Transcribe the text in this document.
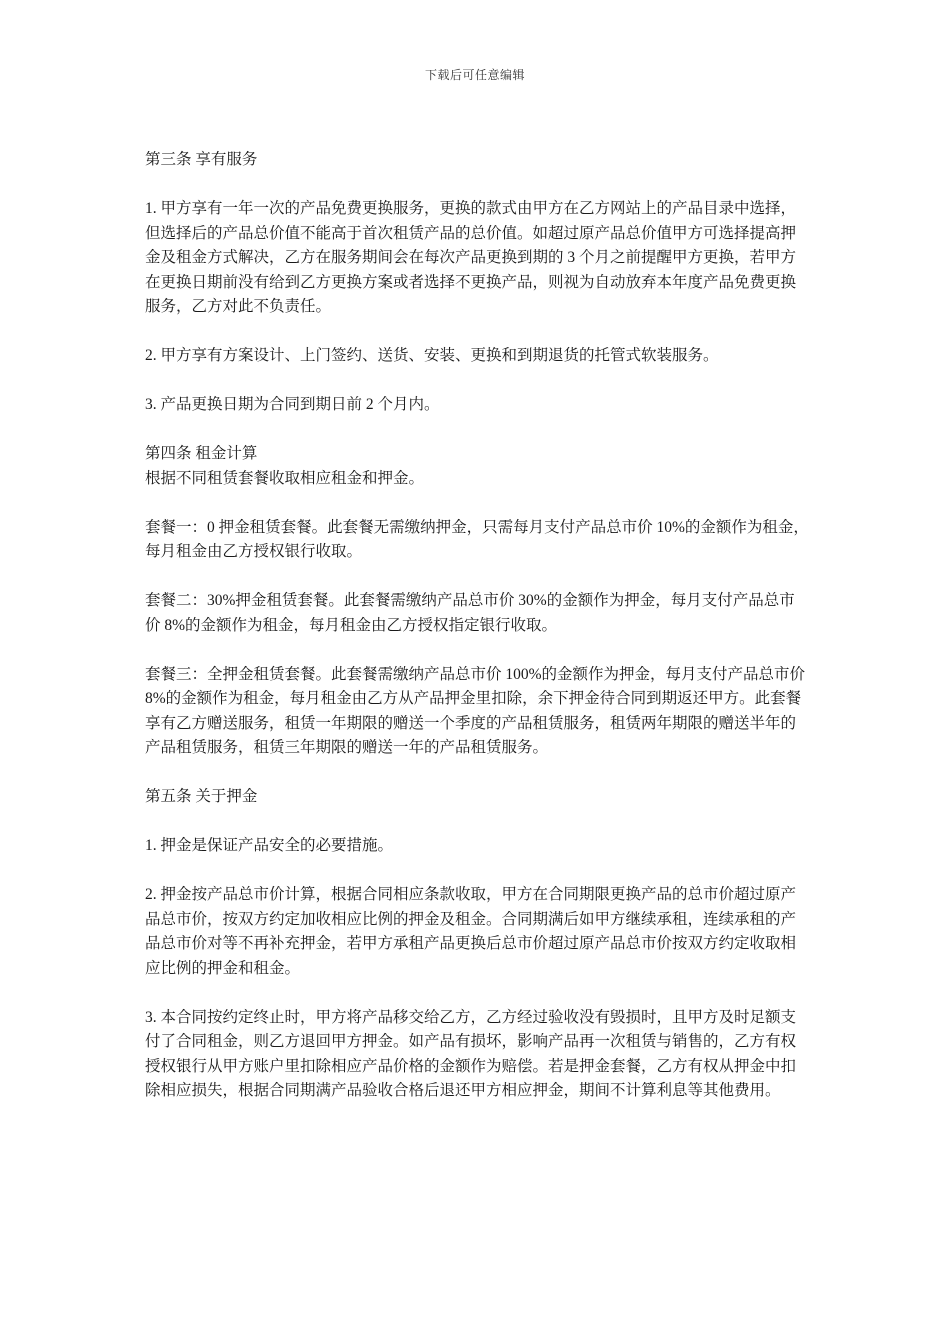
下载后可任意编辑
第三条 享有服务

1. 甲方享有一年一次的产品免费更换服务，更换的款式由甲方在乙方网站上的产品目录中选择，但选择后的产品总价值不能高于首次租赁产品的总价值。如超过原产品总价值甲方可选择提高押金及租金方式解决，乙方在服务期间会在每次产品更换到期的 3 个月之前提醒甲方更换，若甲方在更换日期前没有给到乙方更换方案或者选择不更换产品，则视为自动放弃本年度产品免费更换服务，乙方对此不负责任。

2. 甲方享有方案设计、上门签约、送货、安装、更换和到期退货的托管式软装服务。

3. 产品更换日期为合同到期日前 2 个月内。

第四条 租金计算

根据不同租赁套餐收取相应租金和押金。

套餐一：0 押金租赁套餐。此套餐无需缴纳押金，只需每月支付产品总市价 10%的金额作为租金，每月租金由乙方授权银行收取。

套餐二：30%押金租赁套餐。此套餐需缴纳产品总市价 30%的金额作为押金，每月支付产品总市价 8%的金额作为租金，每月租金由乙方授权指定银行收取。

套餐三：全押金租赁套餐。此套餐需缴纳产品总市价 100%的金额作为押金，每月支付产品总市价 8%的金额作为租金，每月租金由乙方从产品押金里扣除，余下押金待合同到期返还甲方。此套餐享有乙方赠送服务，租赁一年期限的赠送一个季度的产品租赁服务，租赁两年期限的赠送半年的产品租赁服务，租赁三年期限的赠送一年的产品租赁服务。

第五条 关于押金

1. 押金是保证产品安全的必要措施。

2. 押金按产品总市价计算，根据合同相应条款收取，甲方在合同期限更换产品的总市价超过原产品总市价，按双方约定加收相应比例的押金及租金。合同期满后如甲方继续承租，连续承租的产品总市价对等不再补充押金，若甲方承租产品更换后总市价超过原产品总市价按双方约定收取相应比例的押金和租金。

3. 本合同按约定终止时，甲方将产品移交给乙方，乙方经过验收没有毁损时，且甲方及时足额支付了合同租金，则乙方退回甲方押金。如产品有损坏，影响产品再一次租赁与销售的，乙方有权授权银行从甲方账户里扣除相应产品价格的金额作为赔偿。若是押金套餐，乙方有权从押金中扣除相应损失，根据合同期满产品验收合格后退还甲方相应押金，期间不计算利息等其他费用。
